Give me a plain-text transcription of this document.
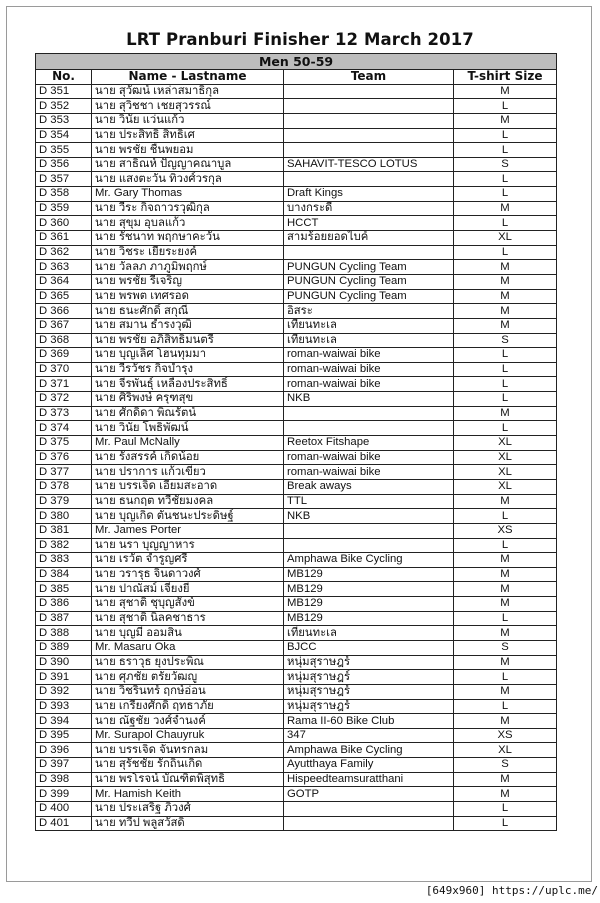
LRT Pranburi Finisher 12 March 2017
Men 50-59			
No.	Name - Lastname	Team	T-shirt Size
D 351	นาย สุวัฒน์ เหล่าสมาธิกุล		M
D 352	นาย สุวิชชา เชยสุวรรณ์		L
D 353	นาย วินัย แว่นแก้ว		M
D 354	นาย ประสิทธิ์ สิทธิเศ		L
D 355	นาย พรชัย ชื่นพยอม		L
D 356	นาย สาธิณห์ ปัญญาคณาบูล	SAHAVIT-TESCO LOTUS	S
D 357	นาย แสงตะวัน ทิวงศ์วรกุล		L
D 358	Mr. Gary Thomas	Draft Kings	L
D 359	นาย วีระ กิจถาวรวุฒิกุล	บางกระดี่	M
D 360	นาย สุขุม อุบลแก้ว	HCCT	L
D 361	นาย รัชนาท พฤกษาคะวัน	สามร้อยยอดไบค์	XL
D 362	นาย วิชระ เยียระยงค์		L
D 363	นาย วัลลภ ภาภูมิพฤกษ์	PUNGUN Cycling Team	M
D 364	นาย พรชัย รีเจริญ	PUNGUN Cycling Team	M
D 365	นาย พรพต เทศรอด	PUNGUN Cycling Team	M
D 366	นาย ธนะศักดิ์ สกุณี	อิสระ	M
D 367	นาย สมาน ธำรงวุฒิ	เทียนทะเล	M
D 368	นาย พรชัย อภิสิทธิ์มนตรี	เทียนทะเล	S
D 369	นาย บุญเลิศ โฮนทุมมา	roman-waiwai bike	L
D 370	นาย วีรวัชร กิจบำรุง	roman-waiwai bike	L
D 371	นาย จีรพันธุ์ เหลืองประสิทธิ์	roman-waiwai bike	L
D 372	นาย ศิริพงษ์ ครุฑสุข	NKB	L
D 373	นาย ศักดิ์ดา พิณรัตน์		M
D 374	นาย วินัย โพธิพัฒน์		L
D 375	Mr. Paul McNally	Reetox Fitshape	XL
D 376	นาย รังสรรค์ เกิดน้อย	roman-waiwai bike	XL
D 377	นาย ปราการ แก้วเขียว	roman-waiwai bike	XL
D 378	นาย บรรเจิด เอี่ยมสะอาด	Break aways	XL
D 379	นาย ธนกฤต ทวีชัยมงคล	TTL	M
D 380	นาย บุญเกิด ตันชนะประดิษฐ์	NKB	L
D 381	Mr. James Porter		XS
D 382	นาย นรา บุญญาหาร		L
D 383	นาย เรวัต จำรูญศรี	Amphawa Bike Cycling	M
D 384	นาย วรารุธ จินดาวงศ์	MB129	M
D 385	นาย ปาณัสม์ เจี๋ยงยี่	MB129	M
D 386	นาย สุชาติ ชุบุญสังข์	MB129	M
D 387	นาย สุชาติ นิลคชาธาร	MB129	L
D 388	นาย บุญมี ออมสิน	เทียนทะเล	M
D 389	Mr. Masaru Oka	BJCC	S
D 390	นาย ธราวุธ ยุงประพิณ	หนุ่มสุราษฎร์	M
D 391	นาย ศุภชัย ตรัยวัฒญู	หนุ่มสุราษฎร์	L
D 392	นาย วิชรินทร์ ฤกษ์อ่อน	หนุ่มสุราษฎร์	M
D 393	นาย เกรียงศักดิ์ ฤทธาภัย	หนุ่มสุราษฎร์	L
D 394	นาย ณัฐชัย วงศ์จำนงค์	Rama II-60 Bike Club	M
D 395	Mr. Surapol Chauyruk	347	XS
D 396	นาย บรรเจิด จันทรกลม	Amphawa Bike Cycling	XL
D 397	นาย สุรัชชัย รักถิ่นเกิด	Ayutthaya Family	S
D 398	นาย พรโรจน์ บัณฑิตพิสุทธิ์	Hispeedteamsuratthani	M
D 399	Mr. Hamish Keith	GOTP	M
D 400	นาย ประเสริฐ ภิวงศ์		L
D 401	นาย ทวีป พลูสวัสดิ์		L
[649x960] https://uplc.me/
